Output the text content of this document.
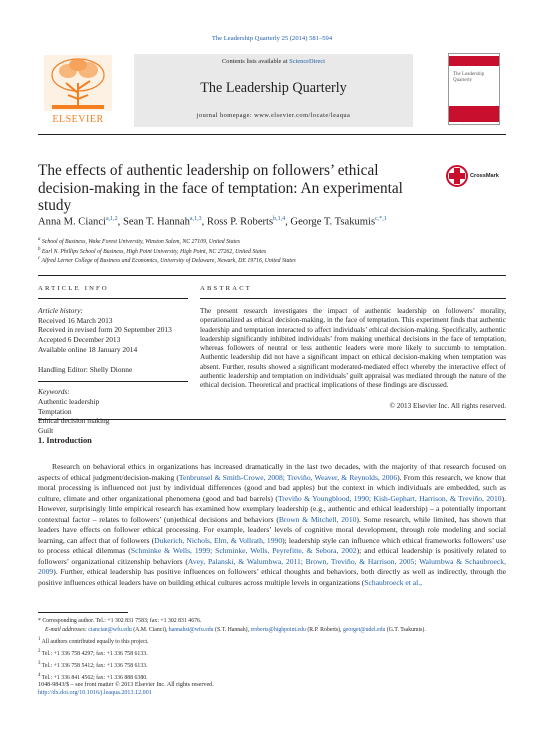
The Leadership Quarterly 25 (2014) 581–594
ELSEVIER
Contents lists available at ScienceDirect
The Leadership Quarterly
journal homepage: www.elsevier.com/locate/leaqua
The Leadership Quarterly
The effects of authentic leadership on followers’ ethical decision-making in the face of temptation: An experimental study
CrossMark
Anna M. Cianci$^{a,1,2}$, Sean T. Hannah$^{a,1,3}$, Ross P. Roberts$^{b,1,4}$, George T. Tsakumis$^{c,*,1}$
$^a$ School of Business, Wake Forest University, Winston Salem, NC 27109, United States
$^b$ Earl N. Phillips School of Business, High Point University, High Point, NC 27262, United States
$^c$ Alfred Lerner College of Business and Economics, University of Delaware, Newark, DE 19716, United States
ARTICLE INFO	ABSTRACT
Article history:
Received 16 March 2013
Received in revised form 20 September 2013
Accepted 6 December 2013
Available online 18 January 2014
Handling Editor: Shelly Dionne
Keywords:
Authentic leadership
Temptation
Ethical decision making
Guilt
The present research investigates the impact of authentic leadership on followers’ morality, operationalized as ethical decision-making, in the face of temptation. This experiment finds that authentic leadership and temptation interacted to affect individuals’ ethical decision-making. Specifically, authentic leadership significantly inhibited individuals’ from making unethical decisions in the face of temptation, whereas followers of neutral or less authentic leaders were more likely to succumb to temptation. Authentic leadership did not have a significant impact on ethical decision-making when temptation was absent. Further, results showed a significant moderated-mediated effect whereby the interactive effect of authentic leadership and temptation on individuals’ guilt appraisal was mediated through the nature of the ethical decision. Theoretical and practical implications of these findings are discussed.
© 2013 Elsevier Inc. All rights reserved.
1. Introduction

Research on behavioral ethics in organizations has increased dramatically in the last two decades, with the majority of that research focused on aspects of ethical judgment/decision-making (Tenbrunsel & Smith-Crowe, 2008; Treviño, Weaver, & Reynolds, 2006). From this research, we know that moral processing is influenced not just by individual differences (good and bad apples) but the context in which individuals are embedded, such as culture, climate and other organizational phenomena (good and bad barrels) (Treviño & Youngblood, 1990; Kish-Gephart, Harrison, & Treviño, 2010). However, surprisingly little empirical research has examined how exemplary leadership (e.g., authentic and ethical leadership) – a potentially important contextual factor – relates to followers’ (un)ethical decisions and behaviors (Brown & Mitchell, 2010). Some research, while limited, has shown that leaders have effects on follower ethical processing. For example, leaders’ levels of cognitive moral development, through role modeling and social learning, can affect that of followers (Dukerich, Nichols, Elm, & Vollrath, 1990); leadership style can influence which ethical frameworks followers’ use to process ethical dilemmas (Schminke & Wells, 1999; Schminke, Wells, Peyrefitte, & Sebora, 2002); and ethical leadership is positively related to followers’ organizational citizenship behaviors (Avey, Palanski, & Walumbwa, 2011; Brown, Treviño, & Harrison, 2005; Walumbwa & Schaubroeck, 2009). Further, ethical leadership has positive influences on followers’ ethical thoughts and behaviors, both directly as well as indirectly, through the positive influences ethical leaders have on building ethical cultures across multiple levels in organizations (Schaubroeck et al.,

* Corresponding author. Tel.: +1 302 831 7583; fax: +1 302 831 4676.
E-mail addresses: ciancian@wfu.edu (A.M. Cianci), hannahst@wfu.edu (S.T. Hannah), rroberts@highpoint.edu (R.P. Roberts), georget@udel.edu (G.T. Tsakumis).
$^1$ All authors contributed equally to this project.
$^2$ Tel.: +1 336 758 4297; fax: +1 336 758 6133.
$^3$ Tel.: +1 336 758 5412; fax: +1 336 758 6133.
$^4$ Tel.: +1 336 841 4562; fax: +1 336 888 6380.
1048-9843/$ – see front matter © 2013 Elsevier Inc. All rights reserved.
http://dx.doi.org/10.1016/j.leaqua.2013.12.001
